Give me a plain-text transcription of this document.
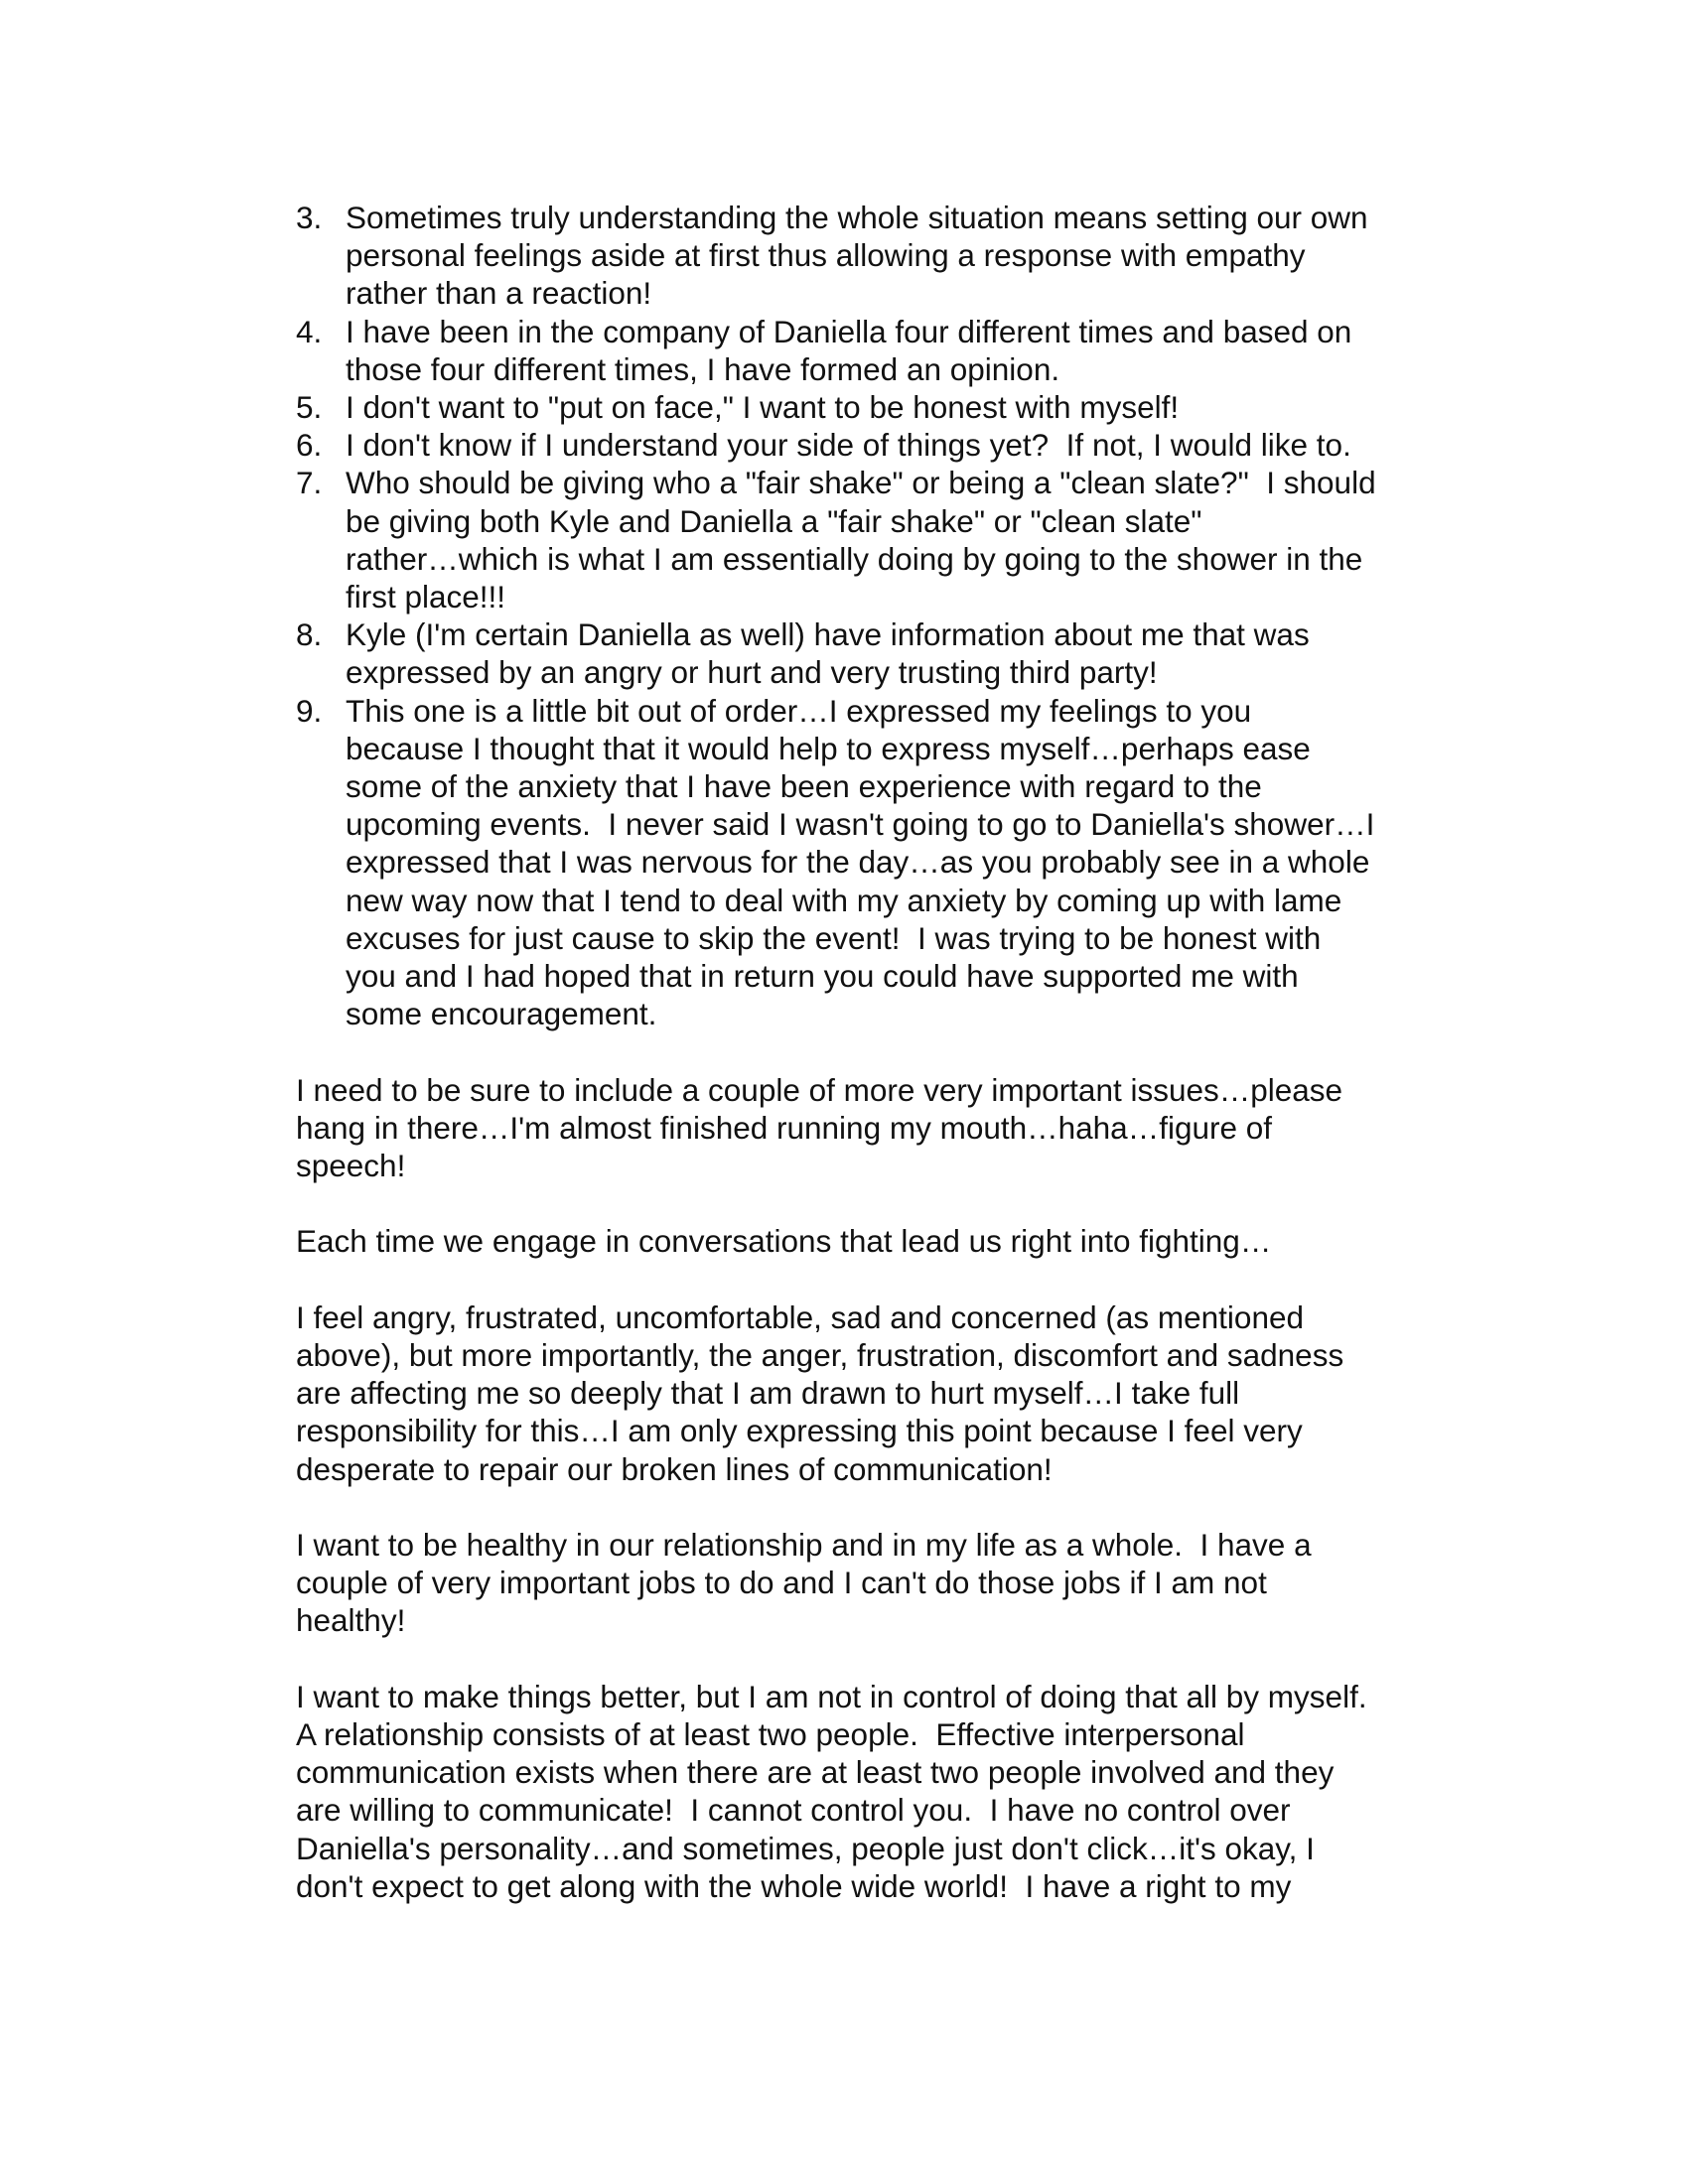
3. Sometimes truly understanding the whole situation means setting our own
personal feelings aside at first thus allowing a response with empathy
rather than a reaction!
4. I have been in the company of Daniella four different times and based on
those four different times, I have formed an opinion.
5. I don't want to "put on face," I want to be honest with myself!
6. I don't know if I understand your side of things yet?  If not, I would like to.
7. Who should be giving who a "fair shake" or being a "clean slate?"  I should
be giving both Kyle and Daniella a "fair shake" or "clean slate"
rather…which is what I am essentially doing by going to the shower in the
first place!!!
8. Kyle (I'm certain Daniella as well) have information about me that was
expressed by an angry or hurt and very trusting third party!
9. This one is a little bit out of order…I expressed my feelings to you
because I thought that it would help to express myself…perhaps ease
some of the anxiety that I have been experience with regard to the
upcoming events.  I never said I wasn't going to go to Daniella's shower…I
expressed that I was nervous for the day…as you probably see in a whole
new way now that I tend to deal with my anxiety by coming up with lame
excuses for just cause to skip the event!  I was trying to be honest with
you and I had hoped that in return you could have supported me with
some encouragement.

I need to be sure to include a couple of more very important issues…please
hang in there…I'm almost finished running my mouth…haha…figure of
speech!

Each time we engage in conversations that lead us right into fighting…

I feel angry, frustrated, uncomfortable, sad and concerned (as mentioned
above), but more importantly, the anger, frustration, discomfort and sadness
are affecting me so deeply that I am drawn to hurt myself…I take full
responsibility for this…I am only expressing this point because I feel very
desperate to repair our broken lines of communication!

I want to be healthy in our relationship and in my life as a whole.  I have a
couple of very important jobs to do and I can't do those jobs if I am not
healthy!

I want to make things better, but I am not in control of doing that all by myself.
A relationship consists of at least two people.  Effective interpersonal
communication exists when there are at least two people involved and they
are willing to communicate!  I cannot control you.  I have no control over
Daniella's personality…and sometimes, people just don't click…it's okay, I
don't expect to get along with the whole wide world!  I have a right to my
